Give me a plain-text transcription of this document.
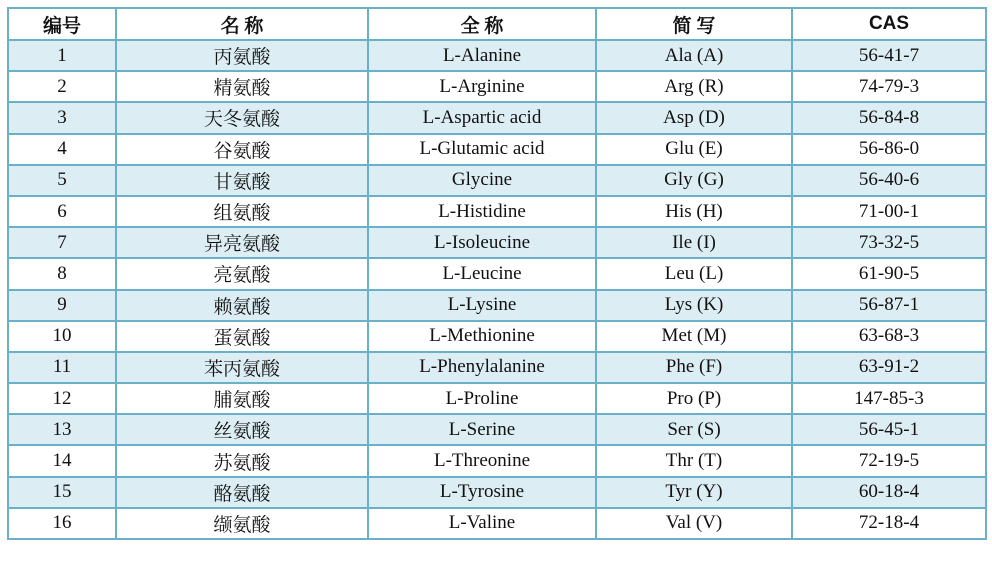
编号	名 称	全 称	简 写	CAS
1	丙氨酸	L-Alanine	Ala (A)	56-41-7
2	精氨酸	L-Arginine	Arg (R)	74-79-3
3	天冬氨酸	L-Aspartic acid	Asp (D)	56-84-8
4	谷氨酸	L-Glutamic acid	Glu (E)	56-86-0
5	甘氨酸	Glycine	Gly (G)	56-40-6
6	组氨酸	L-Histidine	His (H)	71-00-1
7	异亮氨酸	L-Isoleucine	Ile (I)	73-32-5
8	亮氨酸	L-Leucine	Leu (L)	61-90-5
9	赖氨酸	L-Lysine	Lys (K)	56-87-1
10	蛋氨酸	L-Methionine	Met (M)	63-68-3
11	苯丙氨酸	L-Phenylalanine	Phe (F)	63-91-2
12	脯氨酸	L-Proline	Pro (P)	147-85-3
13	丝氨酸	L-Serine	Ser (S)	56-45-1
14	苏氨酸	L-Threonine	Thr (T)	72-19-5
15	酪氨酸	L-Tyrosine	Tyr (Y)	60-18-4
16	缬氨酸	L-Valine	Val (V)	72-18-4
